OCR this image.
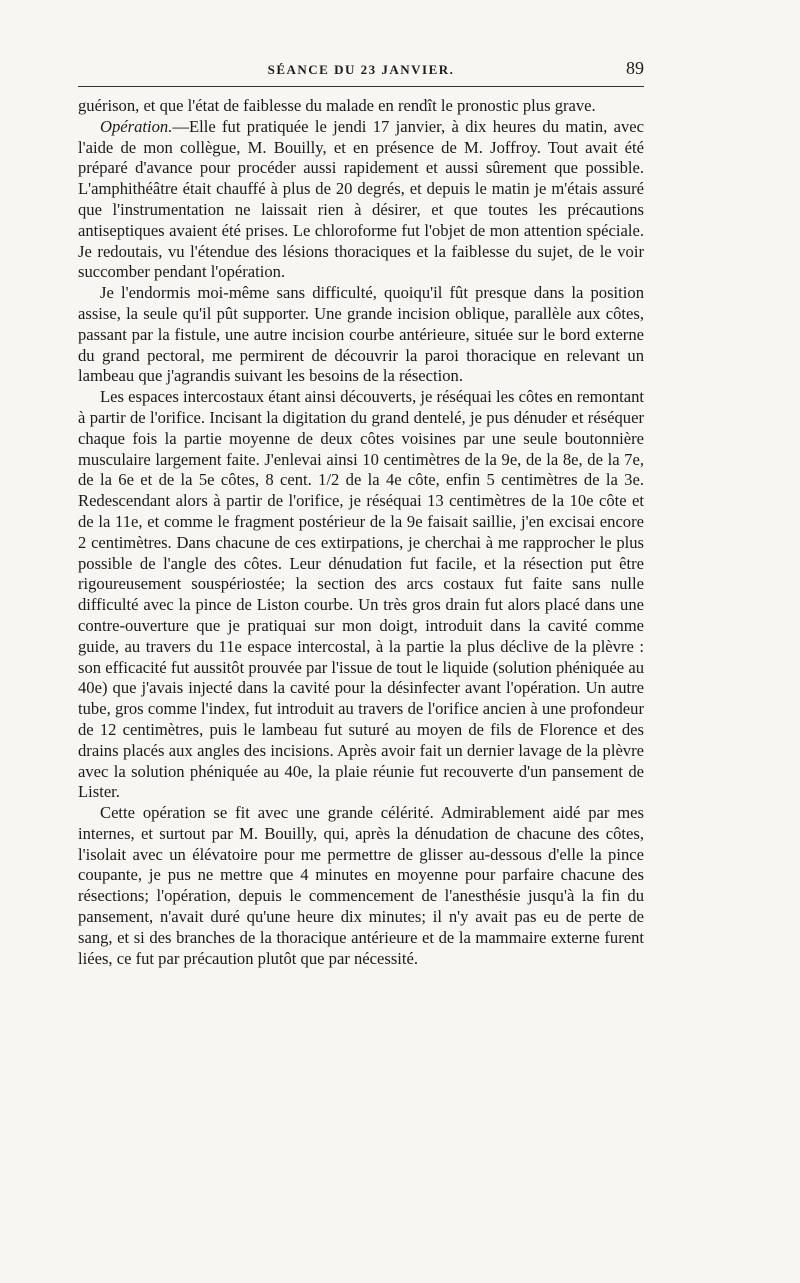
SÉANCE DU 23 JANVIER.	89

guérison, et que l'état de faiblesse du malade en rendît le pronostic plus grave.

Opération.—Elle fut pratiquée le jendi 17 janvier, à dix heures du matin, avec l'aide de mon collègue, M. Bouilly, et en présence de M. Joffroy. Tout avait été préparé d'avance pour procéder aussi rapidement et aussi sûrement que possible. L'amphithéâtre était chauffé à plus de 20 degrés, et depuis le matin je m'étais assuré que l'instrumentation ne laissait rien à désirer, et que toutes les précautions antiseptiques avaient été prises. Le chloroforme fut l'objet de mon attention spéciale. Je redoutais, vu l'étendue des lésions thoraciques et la faiblesse du sujet, de le voir succomber pendant l'opération.

Je l'endormis moi-même sans difficulté, quoiqu'il fût presque dans la position assise, la seule qu'il pût supporter. Une grande incision oblique, parallèle aux côtes, passant par la fistule, une autre incision courbe antérieure, située sur le bord externe du grand pectoral, me permirent de découvrir la paroi thoracique en relevant un lambeau que j'agrandis suivant les besoins de la résection.

Les espaces intercostaux étant ainsi découverts, je réséquai les côtes en remontant à partir de l'orifice. Incisant la digitation du grand dentelé, je pus dénuder et réséquer chaque fois la partie moyenne de deux côtes voisines par une seule boutonnière musculaire largement faite. J'enlevai ainsi 10 centimètres de la 9e, de la 8e, de la 7e, de la 6e et de la 5e côtes, 8 cent. 1/2 de la 4e côte, enfin 5 centimètres de la 3e. Redescendant alors à partir de l'orifice, je réséquai 13 centimètres de la 10e côte et de la 11e, et comme le fragment postérieur de la 9e faisait saillie, j'en excisai encore 2 centimètres. Dans chacune de ces extirpations, je cherchai à me rapprocher le plus possible de l'angle des côtes. Leur dénudation fut facile, et la résection put être rigoureusement souspériostée; la section des arcs costaux fut faite sans nulle difficulté avec la pince de Liston courbe. Un très gros drain fut alors placé dans une contre-ouverture que je pratiquai sur mon doigt, introduit dans la cavité comme guide, au travers du 11e espace intercostal, à la partie la plus déclive de la plèvre : son efficacité fut aussitôt prouvée par l'issue de tout le liquide (solution phéniquée au 40e) que j'avais injecté dans la cavité pour la désinfecter avant l'opération. Un autre tube, gros comme l'index, fut introduit au travers de l'orifice ancien à une profondeur de 12 centimètres, puis le lambeau fut suturé au moyen de fils de Florence et des drains placés aux angles des incisions. Après avoir fait un dernier lavage de la plèvre avec la solution phéniquée au 40e, la plaie réunie fut recouverte d'un pansement de Lister.

Cette opération se fit avec une grande célérité. Admirablement aidé par mes internes, et surtout par M. Bouilly, qui, après la dénudation de chacune des côtes, l'isolait avec un élévatoire pour me permettre de glisser au-dessous d'elle la pince coupante, je pus ne mettre que 4 minutes en moyenne pour parfaire chacune des résections; l'opération, depuis le commencement de l'anesthésie jusqu'à la fin du pansement, n'avait duré qu'une heure dix minutes; il n'y avait pas eu de perte de sang, et si des branches de la thoracique antérieure et de la mammaire externe furent liées, ce fut par précaution plutôt que par nécessité.
